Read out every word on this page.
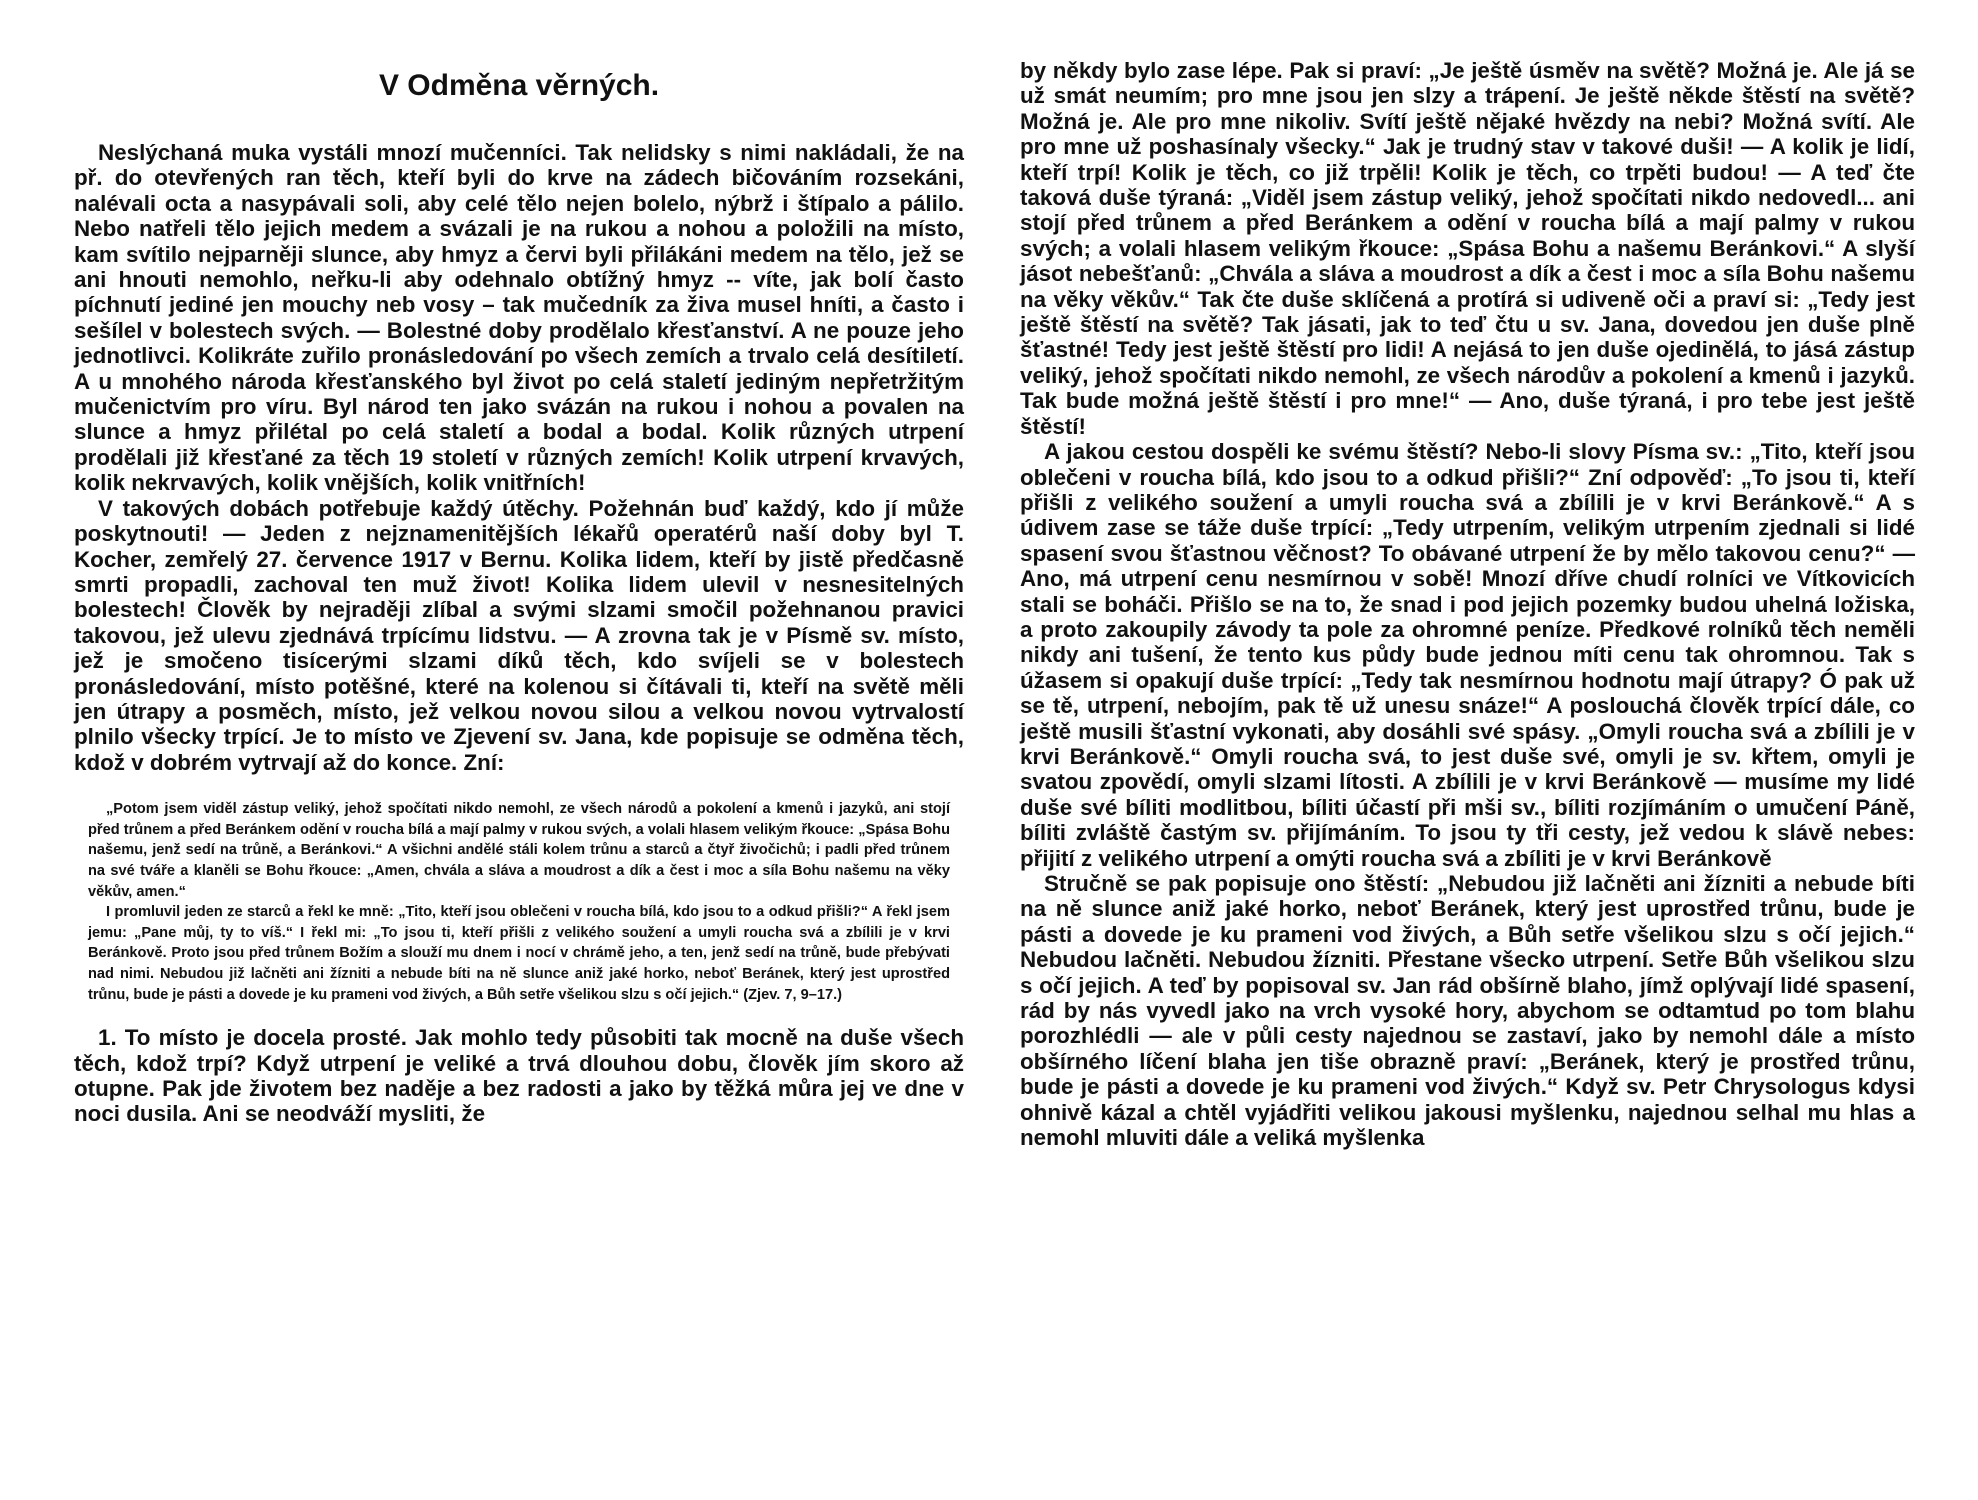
V Odměna věrných.

Neslýchaná muka vystáli mnozí mučenníci. Tak nelidsky s nimi nakládali, že na př. do otevřených ran těch, kteří byli do krve na zádech bičováním rozsekáni, nalévali octa a nasypávali soli, aby celé tělo nejen bolelo, nýbrž i štípalo a pálilo. Nebo natřeli tělo jejich medem a svázali je na rukou a nohou a položili na místo, kam svítilo nejparněji slunce, aby hmyz a červi byli přilákáni medem na tělo, jež se ani hnouti nemohlo, neřku-li aby odehnalo obtížný hmyz -- víte, jak bolí často píchnutí jediné jen mouchy neb vosy – tak mučedník za živa musel hníti, a často i sešílel v bolestech svých. — Bolestné doby prodělalo křesťanství. A ne pouze jeho jednotlivci. Kolikráte zuřilo pronásledování po všech zemích a trvalo celá desítiletí. A u mnohého národa křesťanského byl život po celá staletí jediným nepřetržitým mučenictvím pro víru. Byl národ ten jako svázán na rukou i nohou a povalen na slunce a hmyz přilétal po celá staletí a bodal a bodal. Kolik různých utrpení prodělali již křesťané za těch 19 století v různých zemích! Kolik utrpení krvavých, kolik nekrvavých, kolik vnějších, kolik vnitřních!

V takových dobách potřebuje každý útěchy. Požehnán buď každý, kdo jí může poskytnouti! — Jeden z nejznamenitějších lékařů operatérů naší doby byl T. Kocher, zemřelý 27. července 1917 v Bernu. Kolika lidem, kteří by jistě předčasně smrti propadli, zachoval ten muž život! Kolika lidem ulevil v nesnesitelných bolestech! Člověk by nejraději zlíbal a svými slzami smočil požehnanou pravici takovou, jež ulevu zjednává trpícímu lidstvu. — A zrovna tak je v Písmě sv. místo, jež je smočeno tisícerými slzami díků těch, kdo svíjeli se v bolestech pronásledování, místo potěšné, které na kolenou si čítávali ti, kteří na světě měli jen útrapy a posměch, místo, jež velkou novou silou a velkou novou vytrvalostí plnilo všecky trpící. Je to místo ve Zjevení sv. Jana, kde popisuje se odměna těch, kdož v dobrém vytrvají až do konce. Zní:

„Potom jsem viděl zástup veliký, jehož spočítati nikdo nemohl, ze všech národů a pokolení a kmenů i jazyků, ani stojí před trůnem a před Beránkem odění v roucha bílá a mají palmy v rukou svých, a volali hlasem velikým řkouce: „Spása Bohu našemu, jenž sedí na trůně, a Beránkovi.“ A všichni andělé stáli kolem trůnu a starců a čtyř živočichů; i padli před trůnem na své tváře a klaněli se Bohu řkouce: „Amen, chvála a sláva a moudrost a dík a čest i moc a síla Bohu našemu na věky věkův, amen.“

I promluvil jeden ze starců a řekl ke mně: „Tito, kteří jsou oblečeni v roucha bílá, kdo jsou to a odkud přišli?“ A řekl jsem jemu: „Pane můj, ty to víš.“ I řekl mi: „To jsou ti, kteří přišli z velikého soužení a umyli roucha svá a zbílili je v krvi Beránkově. Proto jsou před trůnem Božím a slouží mu dnem i nocí v chrámě jeho, a ten, jenž sedí na trůně, bude přebývati nad nimi. Nebudou již lačněti ani žízniti a nebude bíti na ně slunce aniž jaké horko, neboť Beránek, který jest uprostřed trůnu, bude je pásti a dovede je ku prameni vod živých, a Bůh setře všelikou slzu s očí jejich.“ (Zjev. 7, 9–17.)

1. To místo je docela prosté. Jak mohlo tedy působiti tak mocně na duše všech těch, kdož trpí? Když utrpení je veliké a trvá dlouhou dobu, člověk jím skoro až otupne. Pak jde životem bez naděje a bez radosti a jako by těžká můra jej ve dne v noci dusila. Ani se neodváží mysliti, že

by někdy bylo zase lépe. Pak si praví: „Je ještě úsměv na světě? Možná je. Ale já se už smát neumím; pro mne jsou jen slzy a trápení. Je ještě někde štěstí na světě? Možná je. Ale pro mne nikoliv. Svítí ještě nějaké hvězdy na nebi? Možná svítí. Ale pro mne už poshasínaly všecky.“ Jak je trudný stav v takové duši! — A kolik je lidí, kteří trpí! Kolik je těch, co již trpěli! Kolik je těch, co trpěti budou! — A teď čte taková duše týraná: „Viděl jsem zástup veliký, jehož spočítati nikdo nedovedl... ani stojí před trůnem a před Beránkem a odění v roucha bílá a mají palmy v rukou svých; a volali hlasem velikým řkouce: „Spása Bohu a našemu Beránkovi.“ A slyší jásot nebešťanů: „Chvála a sláva a moudrost a dík a čest i moc a síla Bohu našemu na věky věkův.“ Tak čte duše sklíčená a protírá si udiveně oči a praví si: „Tedy jest ještě štěstí na světě? Tak jásati, jak to teď čtu u sv. Jana, dovedou jen duše plně šťastné! Tedy jest ještě štěstí pro lidi! A nejásá to jen duše ojedinělá, to jásá zástup veliký, jehož spočítati nikdo nemohl, ze všech národův a pokolení a kmenů i jazyků. Tak bude možná ještě štěstí i pro mne!“ — Ano, duše týraná, i pro tebe jest ještě štěstí!

A jakou cestou dospěli ke svému štěstí? Nebo-li slovy Písma sv.: „Tito, kteří jsou oblečeni v roucha bílá, kdo jsou to a odkud přišli?“ Zní odpověď: „To jsou ti, kteří přišli z velikého soužení a umyli roucha svá a zbílili je v krvi Beránkově.“ A s údivem zase se táže duše trpící: „Tedy utrpením, velikým utrpením zjednali si lidé spasení svou šťastnou věčnost? To obávané utrpení že by mělo takovou cenu?“ — Ano, má utrpení cenu nesmírnou v sobě! Mnozí dříve chudí rolníci ve Vítkovicích stali se boháči. Přišlo se na to, že snad i pod jejich pozemky budou uhelná ložiska, a proto zakoupily závody ta pole za ohromné peníze. Předkové rolníků těch neměli nikdy ani tušení, že tento kus půdy bude jednou míti cenu tak ohromnou. Tak s úžasem si opakují duše trpící: „Tedy tak nesmírnou hodnotu mají útrapy? Ó pak už se tě, utrpení, nebojím, pak tě už unesu snáze!“ A poslouchá člověk trpící dále, co ještě musili šťastní vykonati, aby dosáhli své spásy. „Omyli roucha svá a zbílili je v krvi Beránkově.“ Omyli roucha svá, to jest duše své, omyli je sv. křtem, omyli je svatou zpovědí, omyli slzami lítosti. A zbílili je v krvi Beránkově — musíme my lidé duše své bíliti modlitbou, bíliti účastí při mši sv., bíliti rozjímáním o umučení Páně, bíliti zvláště častým sv. přijímáním. To jsou ty tři cesty, jež vedou k slávě nebes: přijití z velikého utrpení a omýti roucha svá a zbíliti je v krvi Beránkově

Stručně se pak popisuje ono štěstí: „Nebudou již lačněti ani žízniti a nebude bíti na ně slunce aniž jaké horko, neboť Beránek, který jest uprostřed trůnu, bude je pásti a dovede je ku prameni vod živých, a Bůh setře všelikou slzu s očí jejich.“ Nebudou lačněti. Nebudou žízniti. Přestane všecko utrpení. Setře Bůh všelikou slzu s očí jejich. A teď by popisoval sv. Jan rád obšírně blaho, jímž oplývají lidé spasení, rád by nás vyvedl jako na vrch vysoké hory, abychom se odtamtud po tom blahu porozhlédli — ale v půli cesty najednou se zastaví, jako by nemohl dále a místo obšírného líčení blaha jen tiše obrazně praví: „Beránek, který je prostřed trůnu, bude je pásti a dovede je ku prameni vod živých.“ Když sv. Petr Chrysologus kdysi ohnivě kázal a chtěl vyjádřiti velikou jakousi myšlenku, najednou selhal mu hlas a nemohl mluviti dále a veliká myšlenka
